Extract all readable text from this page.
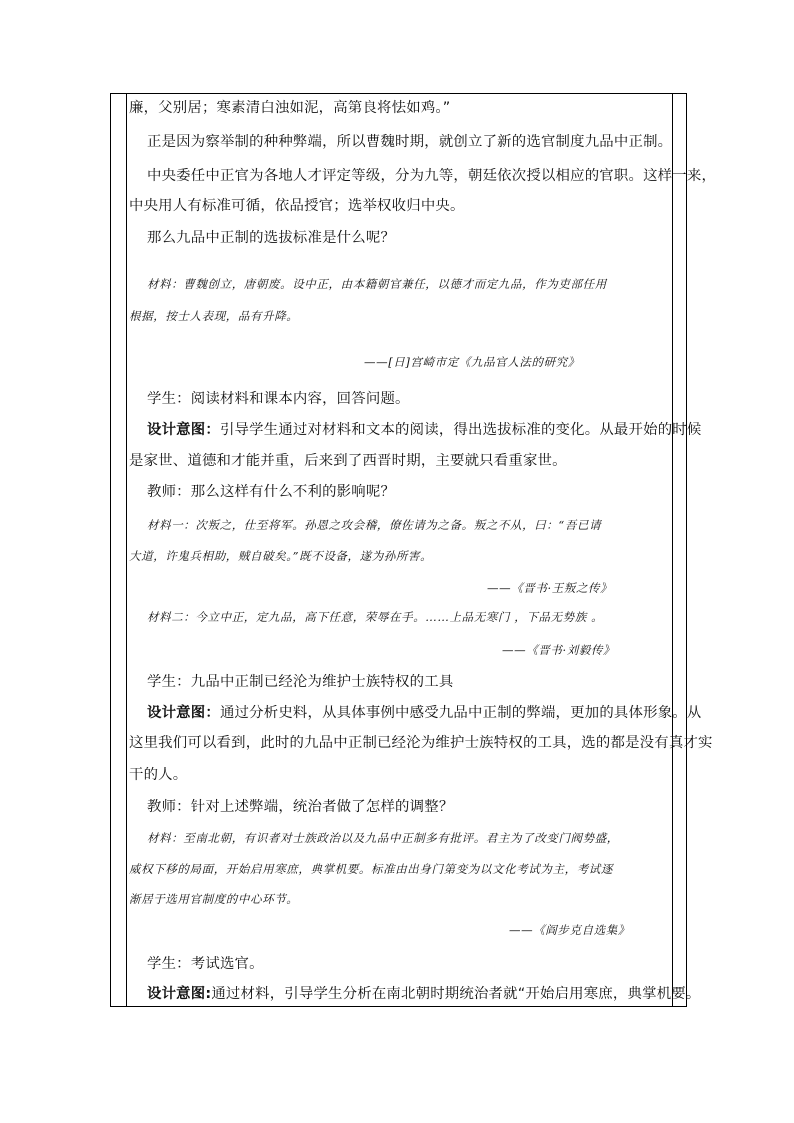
廉，父别居；寒素清白浊如泥，高第良将怯如鸡。”
正是因为察举制的种种弊端，所以曹魏时期，就创立了新的选官制度九品中正制。
中央委任中正官为各地人才评定等级，分为九等，朝廷依次授以相应的官职。这样一来，
中央用人有标准可循，依品授官；选举权收归中央。
那么九品中正制的选拔标准是什么呢？
材料：曹魏创立，唐朝废。设中正，由本籍朝官兼任，以德才而定九品，作为吏部任用
根据，按士人表现，品有升降。
——[日]宫崎市定《九品官人法的研究》
学生：阅读材料和课本内容，回答问题。
设计意图：引导学生通过对材料和文本的阅读，得出选拔标准的变化。从最开始的时候
是家世、道德和才能并重，后来到了西晋时期，主要就只看重家世。
教师：那么这样有什么不利的影响呢？
材料一：次叛之，仕至将军。孙恩之攻会稽，僚佐请为之备。叛之不从，曰：“吾已请
大道，许鬼兵相助，贼自破矣。”既不设备，遂为孙所害。
——《晋书·王叛之传》
材料二：今立中正，定九品，高下任意，荣辱在手。……上品无寒门 ，下品无势族 。
——《晋书·刘毅传》
学生：九品中正制已经沦为维护士族特权的工具
设计意图：通过分析史料，从具体事例中感受九品中正制的弊端，更加的具体形象。从
这里我们可以看到，此时的九品中正制已经沦为维护士族特权的工具，选的都是没有真才实
干的人。
教师：针对上述弊端，统治者做了怎样的调整？
材料：至南北朝，有识者对士族政治以及九品中正制多有批评。君主为了改变门阀势盛，
威权下移的局面，开始启用寒庶，典掌机要。标准由出身门第变为以文化考试为主，考试逐
渐居于选用官制度的中心环节。
——《阎步克自选集》
学生：考试选官。
设计意图:通过材料，引导学生分析在南北朝时期统治者就“开始启用寒庶，典掌机要。
